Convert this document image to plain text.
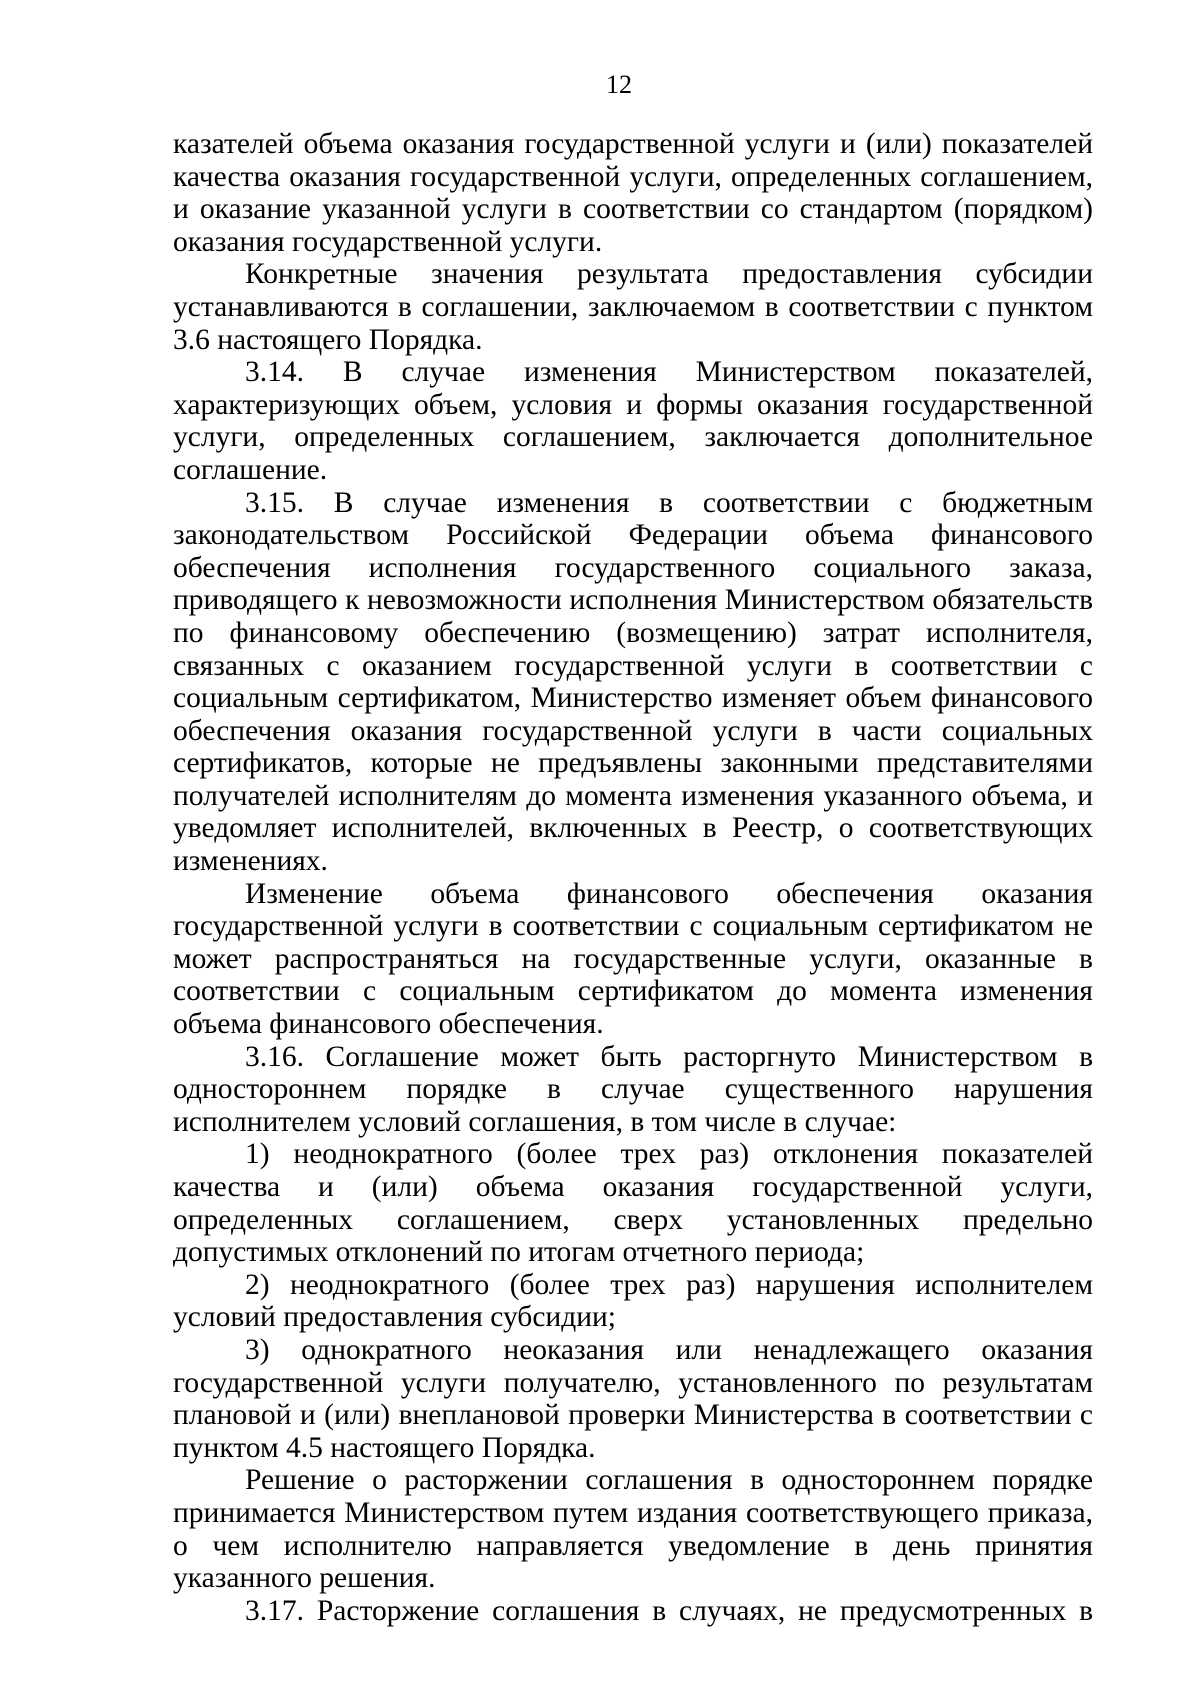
12

казателей объема оказания государственной услуги и (или) показателей качества оказания государственной услуги, определенных соглашением, и оказание указанной услуги в соответствии со стандартом (порядком) оказания государственной услуги.

Конкретные значения результата предоставления субсидии устанавливаются в соглашении, заключаемом в соответствии с пунктом 3.6 настоящего Порядка.

3.14. В случае изменения Министерством показателей, характеризующих объем, условия и формы оказания государственной услуги, определенных соглашением, заключается дополнительное соглашение.

3.15. В случае изменения в соответствии с бюджетным законодательством Российской Федерации объема финансового обеспечения исполнения государственного социального заказа, приводящего к невозможности исполнения Министерством обязательств по финансовому обеспечению (возмещению) затрат исполнителя, связанных с оказанием государственной услуги в соответствии с социальным сертификатом, Министерство изменяет объем финансового обеспечения оказания государственной услуги в части социальных сертификатов, которые не предъявлены законными представителями получателей исполнителям до момента изменения указанного объема, и уведомляет исполнителей, включенных в Реестр, о соответствующих изменениях.

Изменение объема финансового обеспечения оказания государственной услуги в соответствии с социальным сертификатом не может распространяться на государственные услуги, оказанные в соответствии с социальным сертификатом до момента изменения объема финансового обеспечения.

3.16. Соглашение может быть расторгнуто Министерством в одностороннем порядке в случае существенного нарушения исполнителем условий соглашения, в том числе в случае:

1) неоднократного (более трех раз) отклонения показателей качества и (или) объема оказания государственной услуги, определенных соглашением, сверх установленных предельно допустимых отклонений по итогам отчетного периода;

2) неоднократного (более трех раз) нарушения исполнителем условий предоставления субсидии;

3) однократного неоказания или ненадлежащего оказания государственной услуги получателю, установленного по результатам плановой и (или) внеплановой проверки Министерства в соответствии с пунктом 4.5 настоящего Порядка.

Решение о расторжении соглашения в одностороннем порядке принимается Министерством путем издания соответствующего приказа, о чем исполнителю направляется уведомление в день принятия указанного решения.

3.17. Расторжение соглашения в случаях, не предусмотренных в
